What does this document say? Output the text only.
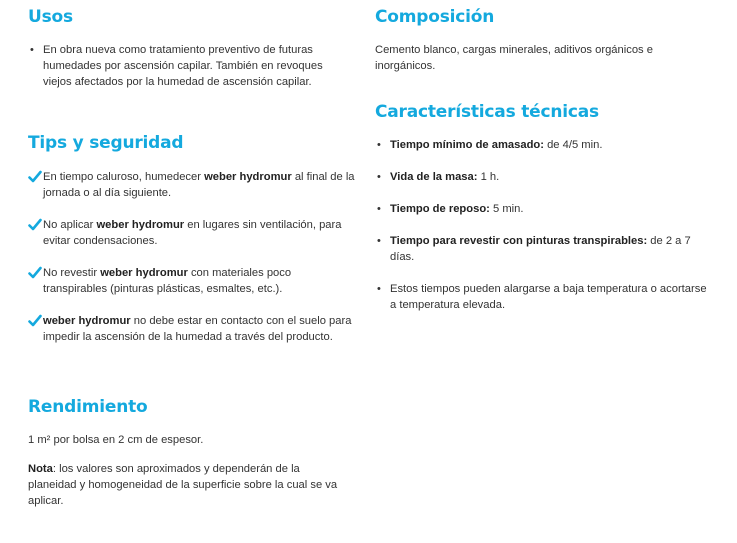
Usos
• En obra nueva como tratamiento preventivo de futuras humedades por ascensión capilar. También en revoques viejos afectados por la humedad de ascensión capilar.
Tips y seguridad

En tiempo caluroso, humedecer weber hydromur al final de la jornada o al día siguiente.

No aplicar weber hydromur en lugares sin ventilación, para evitar condensaciones.

No revestir weber hydromur con materiales poco transpirables (pinturas plásticas, esmaltes, etc.).

weber hydromur no debe estar en contacto con el suelo para impedir la ascensión de la humedad a través del producto.

Rendimiento

1 m² por bolsa en 2 cm de espesor.

Nota: los valores son aproximados y dependerán de la planeidad y homogeneidad de la superficie sobre la cual se va aplicar.

Composición

Cemento blanco, cargas minerales, aditivos orgánicos e inorgánicos.

Características técnicas
• Tiempo mínimo de amasado: de 4/5 min.
• Vida de la masa: 1 h.
• Tiempo de reposo: 5 min.
• Tiempo para revestir con pinturas transpirables: de 2 a 7 días.
• Estos tiempos pueden alargarse a baja temperatura o acortarse a temperatura elevada.
